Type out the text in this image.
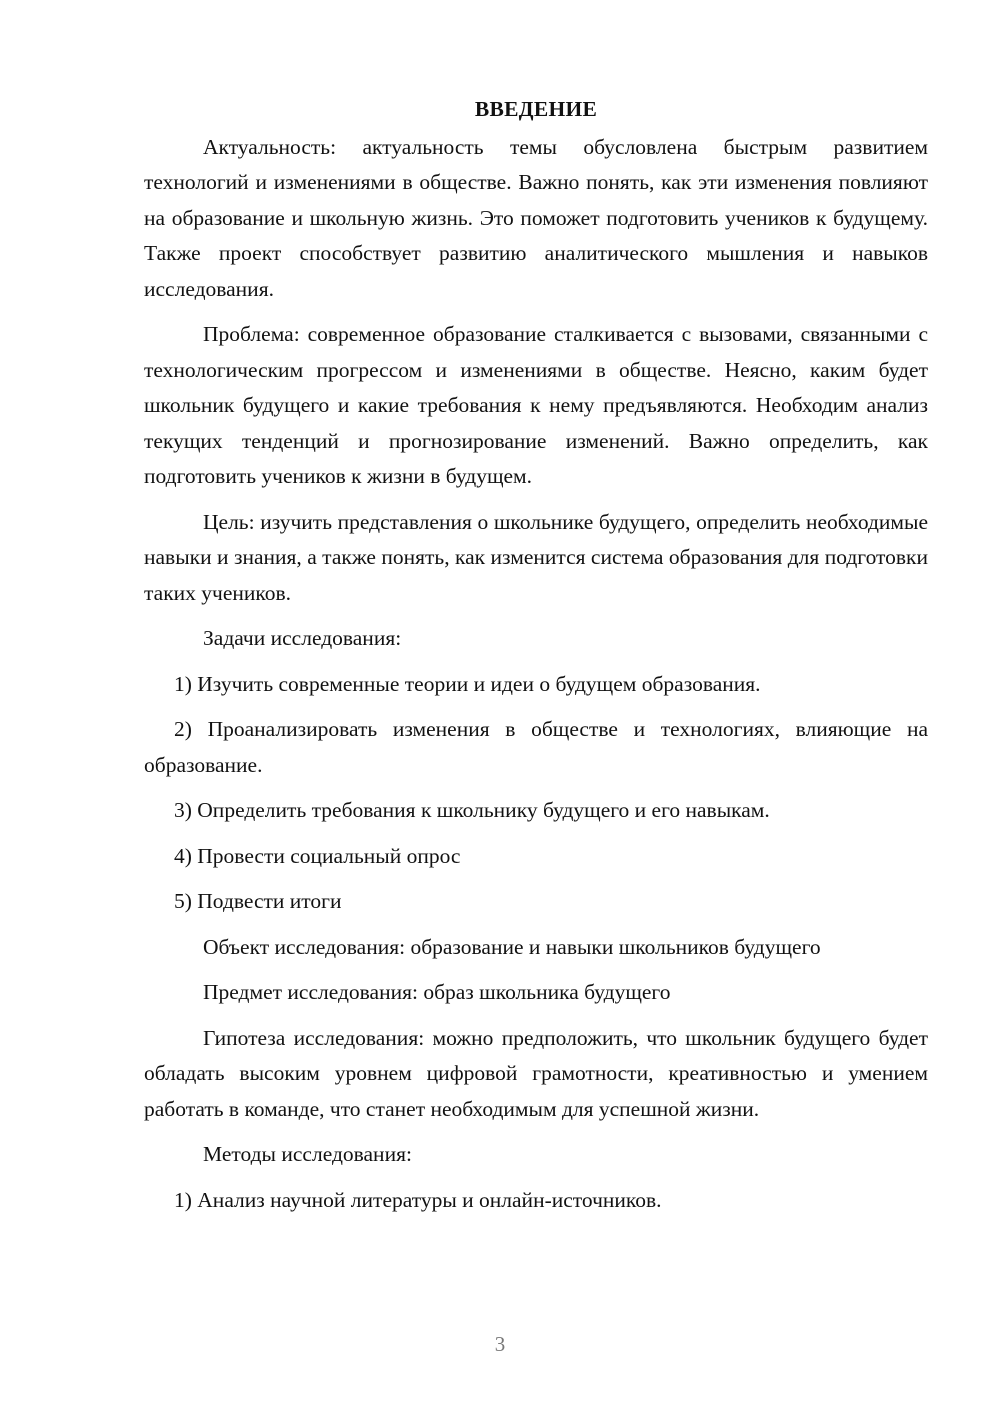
ВВЕДЕНИЕ

Актуальность: актуальность темы обусловлена быстрым развитием технологий и изменениями в обществе. Важно понять, как эти изменения повлияют на образование и школьную жизнь. Это поможет подготовить учеников к будущему. Также проект способствует развитию аналитического мышления и навыков исследования.

Проблема: современное образование сталкивается с вызовами, связанными с технологическим прогрессом и изменениями в обществе. Неясно, каким будет школьник будущего и какие требования к нему предъявляются. Необходим анализ текущих тенденций и прогнозирование изменений. Важно определить, как подготовить учеников к жизни в будущем.

Цель: изучить представления о школьнике будущего, определить необходимые навыки и знания, а также понять, как изменится система образования для подготовки таких учеников.

Задачи исследования:

1) Изучить современные теории и идеи о будущем образования.

2) Проанализировать изменения в обществе и технологиях, влияющие на образование.

3) Определить требования к школьнику будущего и его навыкам.

4) Провести социальный опрос

5) Подвести итоги

Объект исследования: образование и навыки школьников будущего

Предмет исследования: образ школьника будущего

Гипотеза исследования: можно предположить, что школьник будущего будет обладать высоким уровнем цифровой грамотности, креативностью и умением работать в команде, что станет необходимым для успешной жизни.

Методы исследования:

1) Анализ научной литературы и онлайн-источников.

3
